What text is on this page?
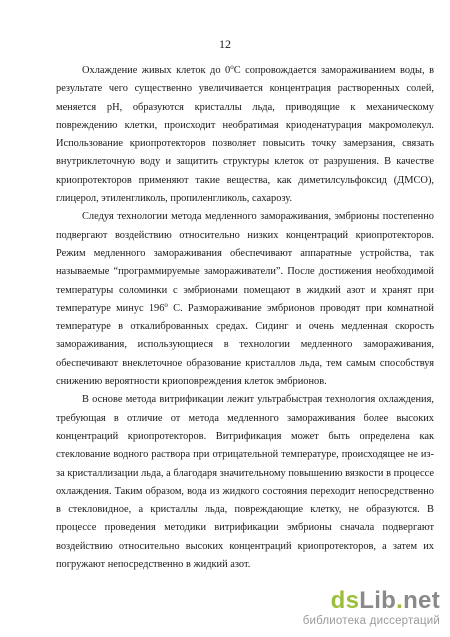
12

Охлаждение живых клеток до $0^оС$ сопровождается замораживанием воды, в результате чего существенно увеличивается концентрация растворенных солей, меняется pH, образуются кристаллы льда, приводящие к механическому повреждению клетки, происходит необратимая криоденатурация макромолекул. Использование криопротекторов позволяет повысить точку замерзания, связать внутриклеточную воду и защитить структуры клеток от разрушения. В качестве криопротекторов применяют такие вещества, как диметилсульфоксид (ДМСО), глицерол, этиленгликоль, пропиленгликоль, сахарозу.

Следуя технологии метода медленного замораживания, эмбрионы постепенно подвергают воздействию относительно низких концентраций криопротекторов. Режим медленного замораживания обеспечивают аппаратные устройства, так называемые “программируемые замораживатели”. После достижения необходимой температуры соломинки с эмбрионами помещают в жидкий азот и хранят при температуре минус $196^о$ С. Размораживание эмбрионов проводят при комнатной температуре в откалиброванных средах. Сидинг и очень медленная скорость замораживания, использующиеся в технологии медленного замораживания, обеспечивают внеклеточное образование кристаллов льда, тем самым способствуя снижению вероятности криоповреждения клеток эмбрионов.

В основе метода витрификации лежит ультрабыстрая технология охлаждения, требующая в отличие от метода медленного замораживания более высоких концентраций криопротекторов. Витрификация может быть определена как стеклование водного раствора при отрицательной температуре, происходящее не из-за кристаллизации льда, а благодаря значительному повышению вязкости в процессе охлаждения. Таким образом, вода из жидкого состояния переходит непосредственно в стекловидное, а кристаллы льда, повреждающие клетку, не образуются. В процессе проведения методики витрификации эмбрионы сначала подвергают воздействию относительно высоких концентраций криопротекторов, а затем их погружают непосредственно в жидкий азот.

dsLib.net
библиотека диссертаций
